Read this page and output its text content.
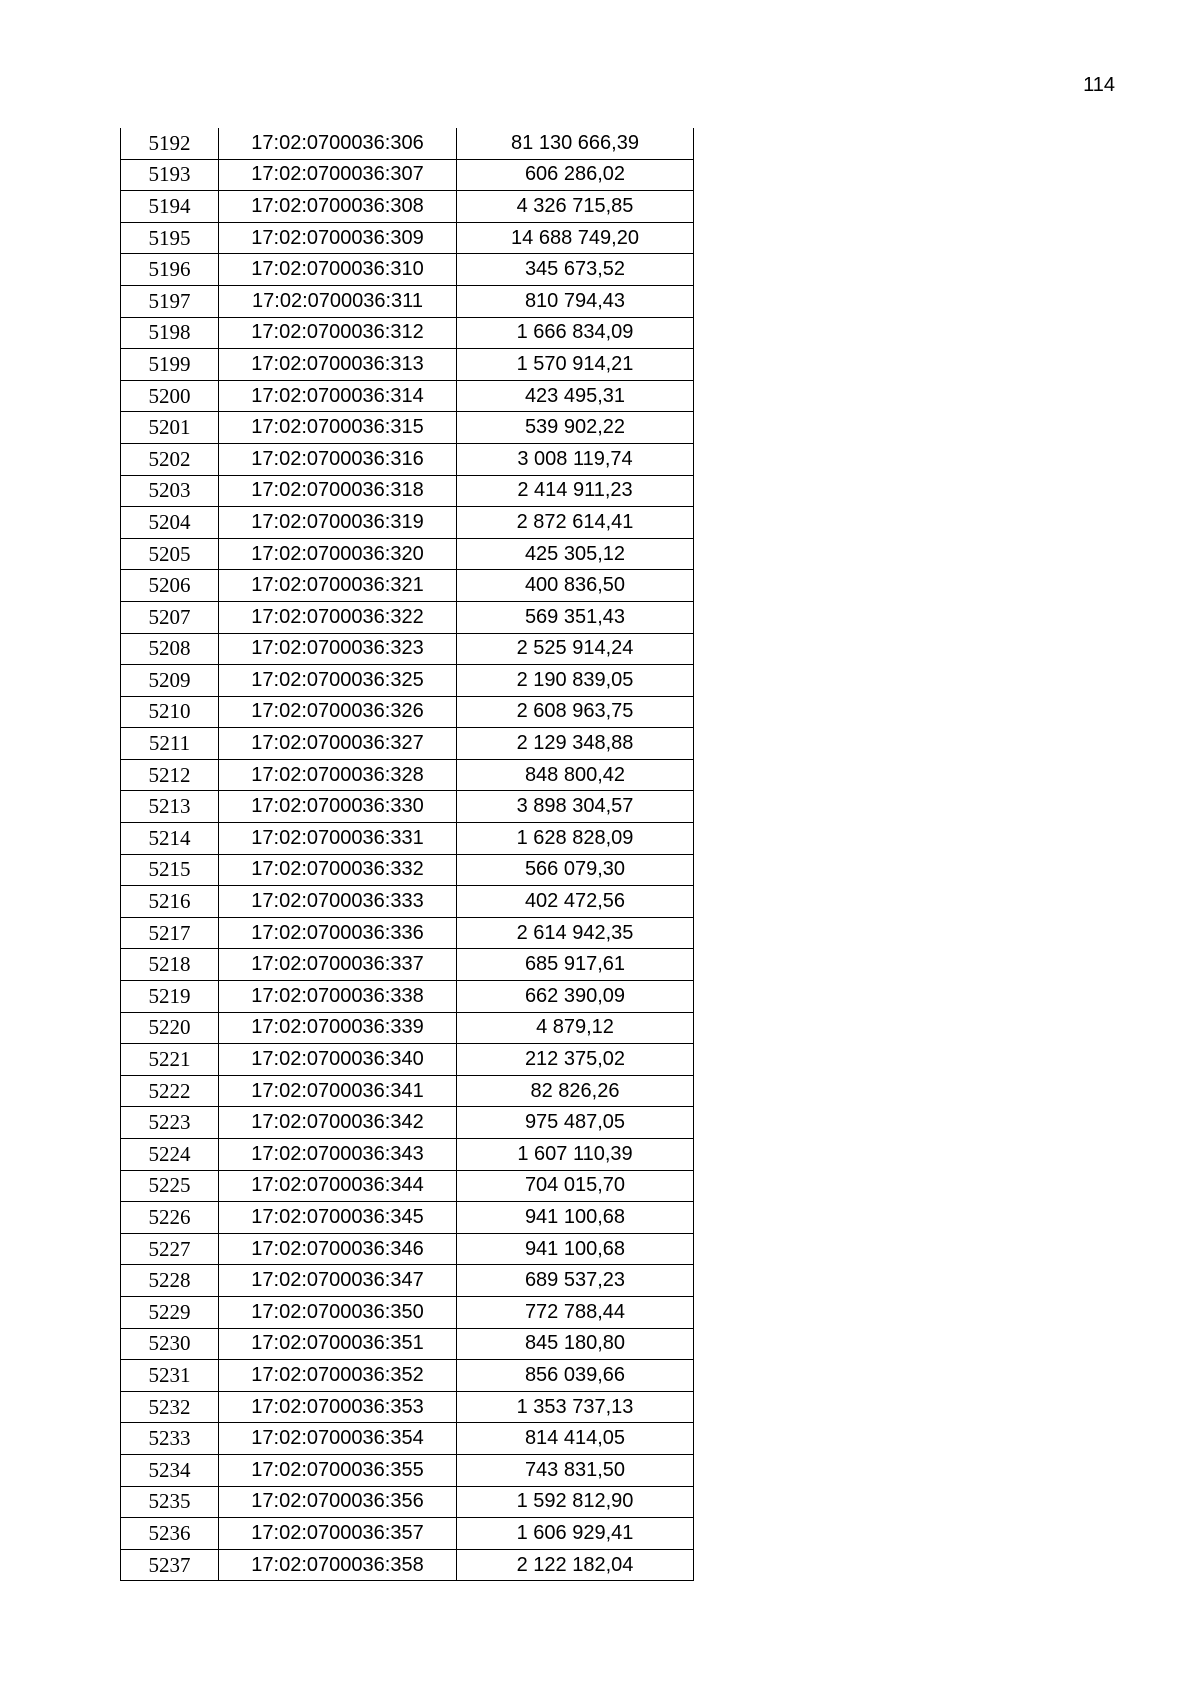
114
5192	17:02:0700036:306	81 130 666,39
5193	17:02:0700036:307	606 286,02
5194	17:02:0700036:308	4 326 715,85
5195	17:02:0700036:309	14 688 749,20
5196	17:02:0700036:310	345 673,52
5197	17:02:0700036:311	810 794,43
5198	17:02:0700036:312	1 666 834,09
5199	17:02:0700036:313	1 570 914,21
5200	17:02:0700036:314	423 495,31
5201	17:02:0700036:315	539 902,22
5202	17:02:0700036:316	3 008 119,74
5203	17:02:0700036:318	2 414 911,23
5204	17:02:0700036:319	2 872 614,41
5205	17:02:0700036:320	425 305,12
5206	17:02:0700036:321	400 836,50
5207	17:02:0700036:322	569 351,43
5208	17:02:0700036:323	2 525 914,24
5209	17:02:0700036:325	2 190 839,05
5210	17:02:0700036:326	2 608 963,75
5211	17:02:0700036:327	2 129 348,88
5212	17:02:0700036:328	848 800,42
5213	17:02:0700036:330	3 898 304,57
5214	17:02:0700036:331	1 628 828,09
5215	17:02:0700036:332	566 079,30
5216	17:02:0700036:333	402 472,56
5217	17:02:0700036:336	2 614 942,35
5218	17:02:0700036:337	685 917,61
5219	17:02:0700036:338	662 390,09
5220	17:02:0700036:339	4 879,12
5221	17:02:0700036:340	212 375,02
5222	17:02:0700036:341	82 826,26
5223	17:02:0700036:342	975 487,05
5224	17:02:0700036:343	1 607 110,39
5225	17:02:0700036:344	704 015,70
5226	17:02:0700036:345	941 100,68
5227	17:02:0700036:346	941 100,68
5228	17:02:0700036:347	689 537,23
5229	17:02:0700036:350	772 788,44
5230	17:02:0700036:351	845 180,80
5231	17:02:0700036:352	856 039,66
5232	17:02:0700036:353	1 353 737,13
5233	17:02:0700036:354	814 414,05
5234	17:02:0700036:355	743 831,50
5235	17:02:0700036:356	1 592 812,90
5236	17:02:0700036:357	1 606 929,41
5237	17:02:0700036:358	2 122 182,04
